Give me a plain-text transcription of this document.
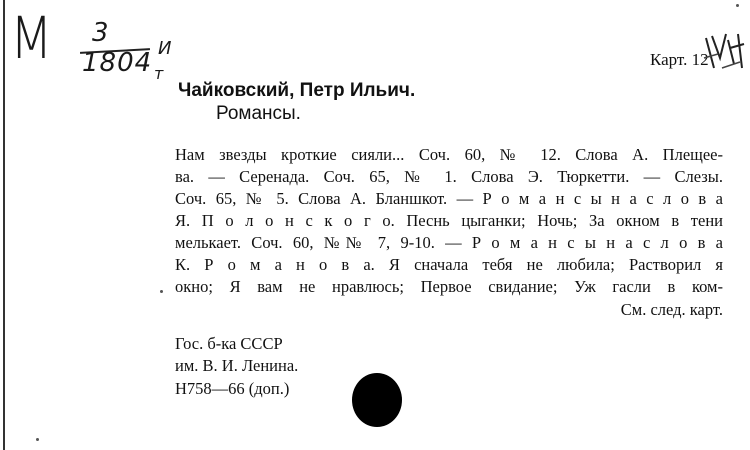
М 3
1804 И
т
Карт. 12
Чайковский, Петр Ильич.
Романсы.
Нам звезды кроткие сияли... Соч. 60, № 12. Слова А. Плещее-
ва. — Серенада. Соч. 65, № 1. Слова Э. Тюркетти. — Слезы.
Соч. 65, № 5. Слова А. Бланшкот. — Р о м а н с ы н а с л о в а
Я. П о л о н с к о г о. Песнь цыганки; Ночь; За окном в тени
мелькает. Соч. 60, №№ 7, 9-10. — Р о м а н с ы н а с л о в а
К. Р о м а н о в а. Я сначала тебя не любила; Растворил я
окно; Я вам не нравлюсь; Первое свидание; Уж гасли в ком-
См. след. карт.
Гос. б-ка СССР
им. В. И. Ленина.
Н758—66 (доп.)
